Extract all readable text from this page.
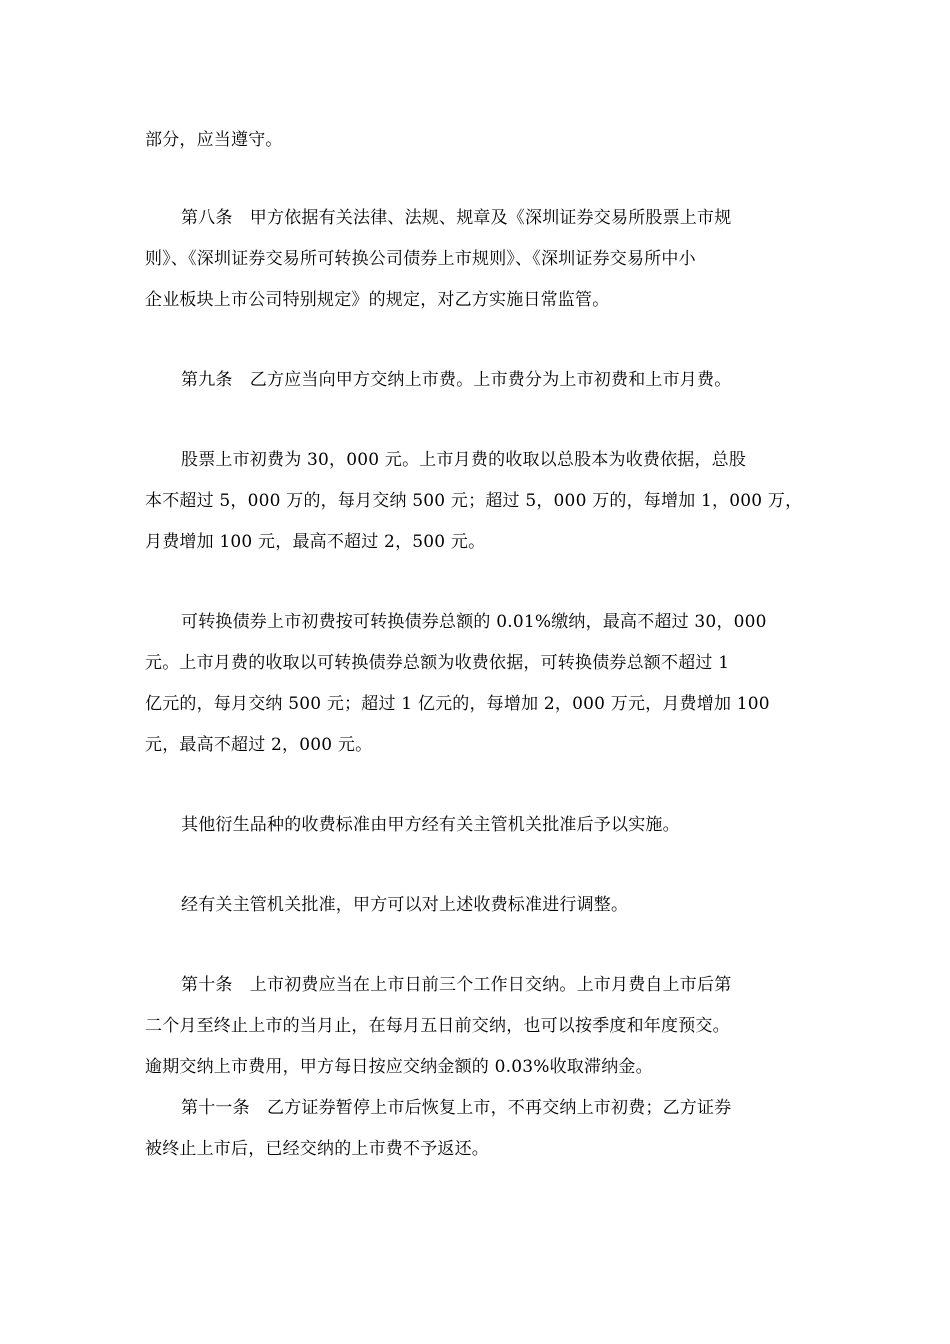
部分，应当遵守。
第八条　甲方依据有关法律、法规、规章及《深圳证券交易所股票上市规
则》、《深圳证券交易所可转换公司债券上市规则》、《深圳证券交易所中小
企业板块上市公司特别规定》的规定，对乙方实施日常监管。
第九条　乙方应当向甲方交纳上市费。上市费分为上市初费和上市月费。
股票上市初费为 30，000 元。上市月费的收取以总股本为收费依据，总股
本不超过 5，000 万的，每月交纳 500 元；超过 5，000 万的，每增加 1，000 万，
月费增加 100 元，最高不超过 2，500 元。
可转换债券上市初费按可转换债券总额的 0.01%缴纳，最高不超过 30，000
元。上市月费的收取以可转换债券总额为收费依据，可转换债券总额不超过 1
亿元的，每月交纳 500 元；超过 1 亿元的，每增加 2，000 万元，月费增加 100
元，最高不超过 2，000 元。
其他衍生品种的收费标准由甲方经有关主管机关批准后予以实施。
经有关主管机关批准，甲方可以对上述收费标准进行调整。
第十条　上市初费应当在上市日前三个工作日交纳。上市月费自上市后第
二个月至终止上市的当月止，在每月五日前交纳，也可以按季度和年度预交。
逾期交纳上市费用，甲方每日按应交纳金额的 0.03%收取滞纳金。
第十一条　乙方证券暂停上市后恢复上市，不再交纳上市初费；乙方证券
被终止上市后，已经交纳的上市费不予返还。
